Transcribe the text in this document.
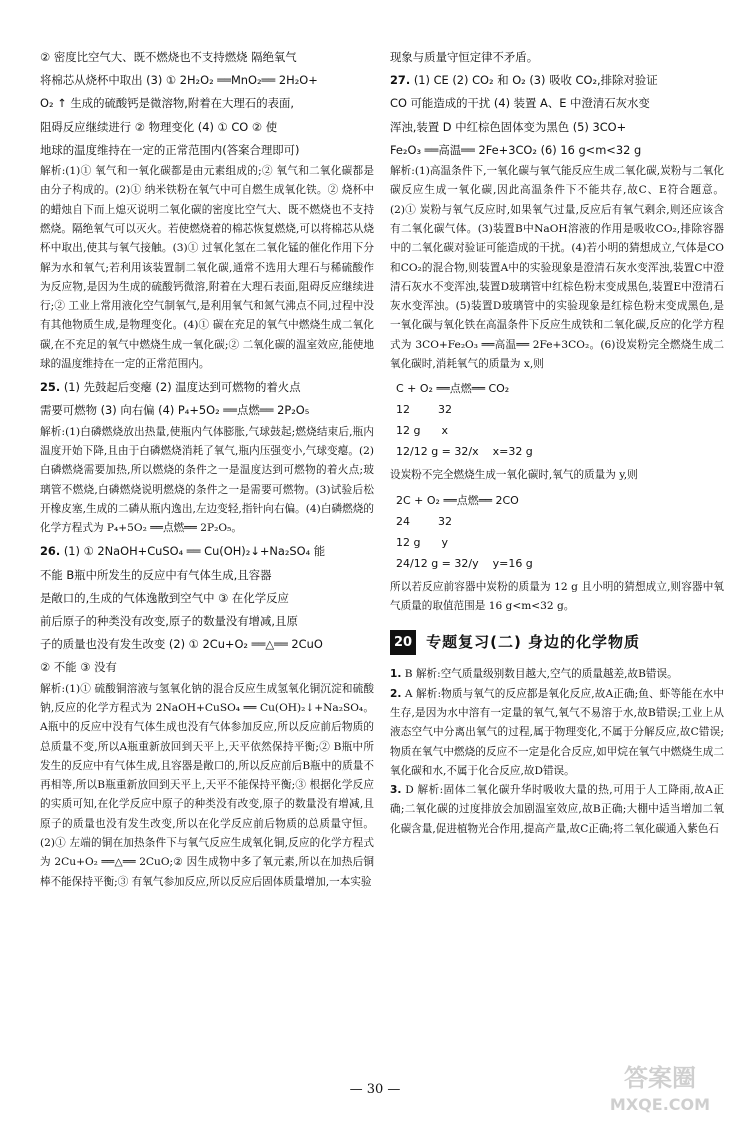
② 密度比空气大、既不燃烧也不支持燃烧 隔绝氧气

将棉芯从烧杯中取出 (3) ① 2H₂O₂ ══MnO₂══ 2H₂O+

O₂ ↑ 生成的硫酸钙是微溶物,附着在大理石的表面,

阻碍反应继续进行 ② 物理变化 (4) ① CO ② 使

地球的温度维持在一定的正常范围内(答案合理即可)

解析:(1)① 氧气和一氧化碳都是由元素组成的;② 氧气和二氧化碳都是由分子构成的。(2)① 纳米铁粉在氧气中可自燃生成氧化铁。② 烧杯中的蜡烛自下而上熄灭说明二氧化碳的密度比空气大、既不燃烧也不支持燃烧。隔绝氧气可以灭火。若使燃烧着的棉芯恢复燃烧,可以将棉芯从烧杯中取出,使其与氧气接触。(3)① 过氧化氢在二氧化锰的催化作用下分解为水和氧气;若利用该装置制二氧化碳,通常不选用大理石与稀硫酸作为反应物,是因为生成的硫酸钙微溶,附着在大理石表面,阻碍反应继续进行;② 工业上常用液化空气制氧气,是利用氧气和氮气沸点不同,过程中没有其他物质生成,是物理变化。(4)① 碳在充足的氧气中燃烧生成二氧化碳,在不充足的氧气中燃烧生成一氧化碳;② 二氧化碳的温室效应,能使地球的温度维持在一定的正常范围内。

25. (1) 先鼓起后变瘪 (2) 温度达到可燃物的着火点

需要可燃物 (3) 向右偏 (4) P₄+5O₂ ══点燃══ 2P₂O₅

解析:(1)白磷燃烧放出热量,使瓶内气体膨胀,气球鼓起;燃烧结束后,瓶内温度开始下降,且由于白磷燃烧消耗了氧气,瓶内压强变小,气球变瘪。(2)白磷燃烧需要加热,所以燃烧的条件之一是温度达到可燃物的着火点;玻璃管不燃烧,白磷燃烧说明燃烧的条件之一是需要可燃物。(3)试验后松开橡皮塞,生成的二磷从瓶内逸出,左边变轻,指针向右偏。(4)白磷燃烧的化学方程式为 P₄+5O₂ ══点燃══ 2P₂O₅。

26. (1) ① 2NaOH+CuSO₄ ══ Cu(OH)₂↓+Na₂SO₄ 能

不能 B瓶中所发生的反应中有气体生成,且容器

是敞口的,生成的气体逸散到空气中 ③ 在化学反应

前后原子的种类没有改变,原子的数量没有增减,且原

子的质量也没有发生改变 (2) ① 2Cu+O₂ ══△══ 2CuO

② 不能 ③ 没有

解析:(1)① 硫酸铜溶液与氢氧化钠的混合反应生成氢氧化铜沉淀和硫酸钠,反应的化学方程式为 2NaOH+CuSO₄ ══ Cu(OH)₂↓+Na₂SO₄。A瓶中的反应中没有气体生成也没有气体参加反应,所以反应前后物质的总质量不变,所以A瓶重新放回到天平上,天平依然保持平衡;② B瓶中所发生的反应中有气体生成,且容器是敞口的,所以反应前后B瓶中的质量不再相等,所以B瓶重新放回到天平上,天平不能保持平衡;③ 根据化学反应的实质可知,在化学反应中原子的种类没有改变,原子的数量没有增减,且原子的质量也没有发生改变,所以在化学反应前后物质的总质量守恒。(2)① 左端的铜在加热条件下与氧气反应生成氧化铜,反应的化学方程式为 2Cu+O₂ ══△══ 2CuO;② 因生成物中多了氧元素,所以在加热后铜棒不能保持平衡;③ 有氧气参加反应,所以反应后固体质量增加,一本实验

现象与质量守恒定律不矛盾。

27. (1) CE (2) CO₂ 和 O₂ (3) 吸收 CO₂,排除对验证

CO 可能造成的干扰 (4) 装置 A、E 中澄清石灰水变

浑浊,装置 D 中红棕色固体变为黑色 (5) 3CO+

Fe₂O₃ ══高温══ 2Fe+3CO₂ (6) 16 g<m<32 g

解析:(1)高温条件下,一氧化碳与氧气能反应生成二氧化碳,炭粉与二氧化碳反应生成一氧化碳,因此高温条件下不能共存,故C、E符合题意。(2)① 炭粉与氧气反应时,如果氧气过量,反应后有氧气剩余,则还应该含有二氧化碳气体。(3)装置B中NaOH溶液的作用是吸收CO₂,排除容器中的二氧化碳对验证可能造成的干扰。(4)若小明的猜想成立,气体是CO和CO₂的混合物,则装置A中的实验现象是澄清石灰水变浑浊,装置C中澄清石灰水不变浑浊,装置D玻璃管中红棕色粉末变成黑色,装置E中澄清石灰水变浑浊。(5)装置D玻璃管中的实验现象是红棕色粉末变成黑色,是一氧化碳与氧化铁在高温条件下反应生成铁和二氧化碳,反应的化学方程式为 3CO+Fe₂O₃ ══高温══ 2Fe+3CO₂。(6)设炭粉完全燃烧生成二氧化碳时,消耗氧气的质量为 x,则

C + O₂ ══点燃══ CO₂

12        32

12 g      x

12/12 g = 32/x    x=32 g

设炭粉不完全燃烧生成一氧化碳时,氧气的质量为 y,则

2C + O₂ ══点燃══ 2CO

24        32

12 g      y

24/12 g = 32/y    y=16 g

所以若反应前容器中炭粉的质量为 12 g 且小明的猜想成立,则容器中氧气质量的取值范围是 16 g<m<32 g。

20 专题复习(二) 身边的化学物质

1. B 解析:空气质量级别数目越大,空气的质量越差,故B错误。

2. A 解析:物质与氧气的反应都是氧化反应,故A正确;鱼、虾等能在水中生存,是因为水中溶有一定量的氧气,氧气不易溶于水,故B错误;工业上从液态空气中分离出氧气的过程,属于物理变化,不属于分解反应,故C错误;物质在氧气中燃烧的反应不一定是化合反应,如甲烷在氧气中燃烧生成二氧化碳和水,不属于化合反应,故D错误。

3. D 解析:固体二氧化碳升华时吸收大量的热,可用于人工降雨,故A正确;二氧化碳的过度排放会加剧温室效应,故B正确;大棚中适当增加二氧化碳含量,促进植物光合作用,提高产量,故C正确;将二氧化碳通入紫色石

— 30 —	答案圈
MXQE.COM
